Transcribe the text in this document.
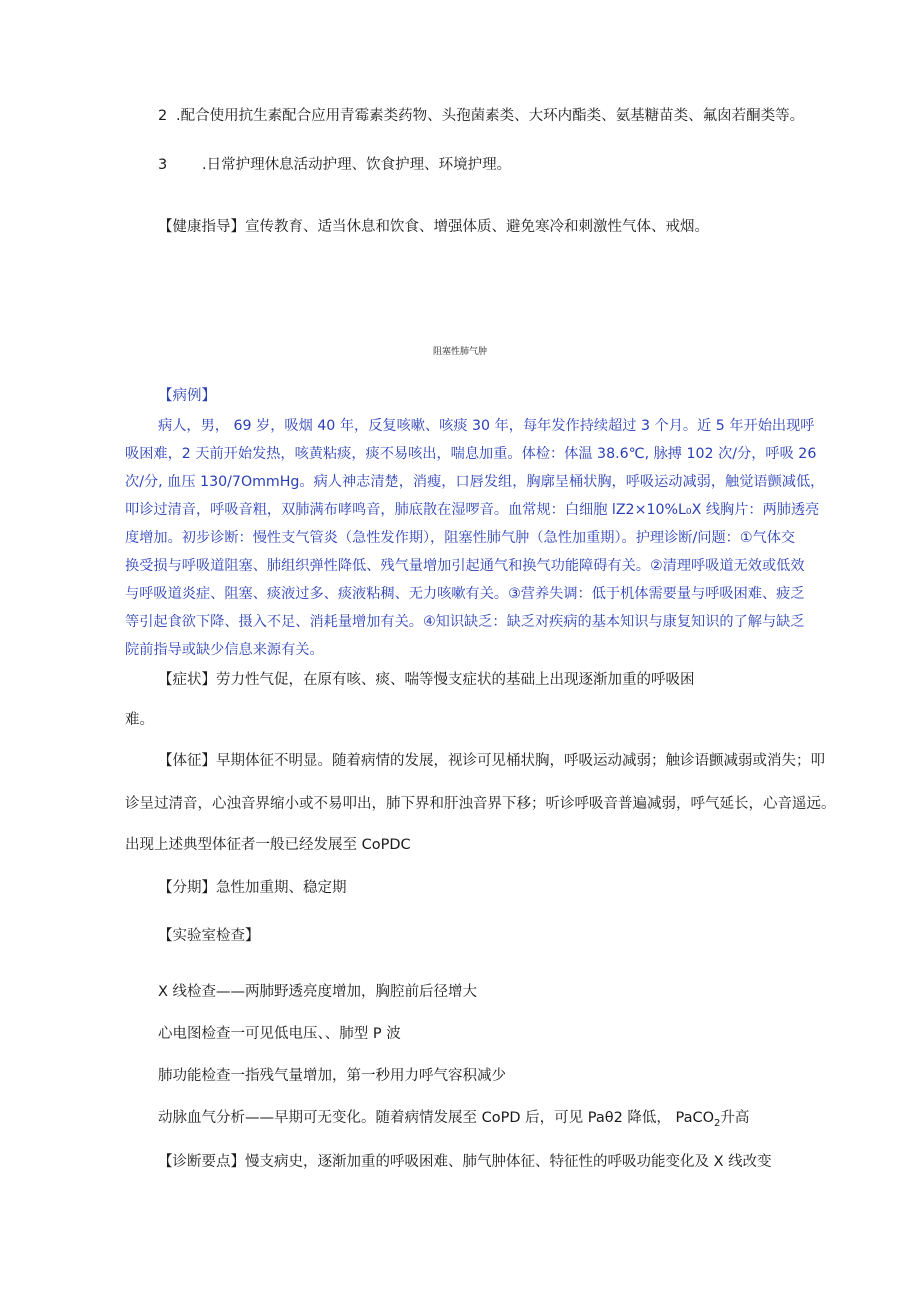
2 .配合使用抗生素配合应用青霉素类药物、头孢菌素类、大环内酯类、氨基糖苗类、氟囱若酮类等。
3 .日常护理休息活动护理、饮食护理、环境护理。
【健康指导】宣传教育、适当休息和饮食、增强体质、避免寒冷和刺激性气体、戒烟。
阻塞性肺气肿
【病例】
病人，男， 69 岁，吸烟 40 年，反复咳嗽、咳痰 30 年，每年发作持续超过 3 个月。近 5 年开始出现呼
吸困难，2 天前开始发热，咳黄粘痰，痰不易咳出，喘息加重。体检：体温 38.6℃, 脉搏 102 次/分，呼吸 26
次/分, 血压 130/7OmmHg。病人神志清楚，消瘦，口唇发组，胸廓呈桶状胸，呼吸运动减弱，触觉语颤减低，
叩诊过清音，呼吸音粗，双肺满布哮鸣音，肺底散在湿啰音。血常规：白细胞 lZ2×10%L₀X 线胸片：两肺透亮
度增加。初步诊断：慢性支气管炎（急性发作期），阻塞性肺气肿（急性加重期）。护理诊断/问题：①气体交
换受损与呼吸道阻塞、肺组织弹性降低、残气量增加引起通气和换气功能障碍有关。②清理呼吸道无效或低效
与呼吸道炎症、阻塞、痰液过多、痰液粘稠、无力咳嗽有关。③营养失调：低于机体需要量与呼吸困难、疲乏
等引起食欲下降、摄入不足、消耗量增加有关。④知识缺乏：缺乏对疾病的基本知识与康复知识的了解与缺乏
院前指导或缺少信息来源有关。
【症状】劳力性气促，在原有咳、痰、喘等慢支症状的基础上出现逐渐加重的呼吸困
难。
【体征】早期体征不明显。随着病情的发展，视诊可见桶状胸，呼吸运动减弱；触诊语颤减弱或消失；叩
诊呈过清音，心浊音界缩小或不易叩出，肺下界和肝浊音界下移；听诊呼吸音普遍减弱，呼气延长，心音遥远。
出现上述典型体征者一般已经发展至 CoPDC
【分期】急性加重期、稳定期
【实验室检查】
X 线检查——两肺野透亮度增加，胸腔前后径增大
心电图检查一可见低电压、、肺型 P 波
肺功能检查一指残气量增加，第一秒用力呼气容积减少
动脉血气分析——早期可无变化。随着病情发展至 CoPD 后，可见 Paθ2 降低， PaCO$_2$升高
【诊断要点】慢支病史，逐渐加重的呼吸困难、肺气肿体征、特征性的呼吸功能变化及 X 线改变
